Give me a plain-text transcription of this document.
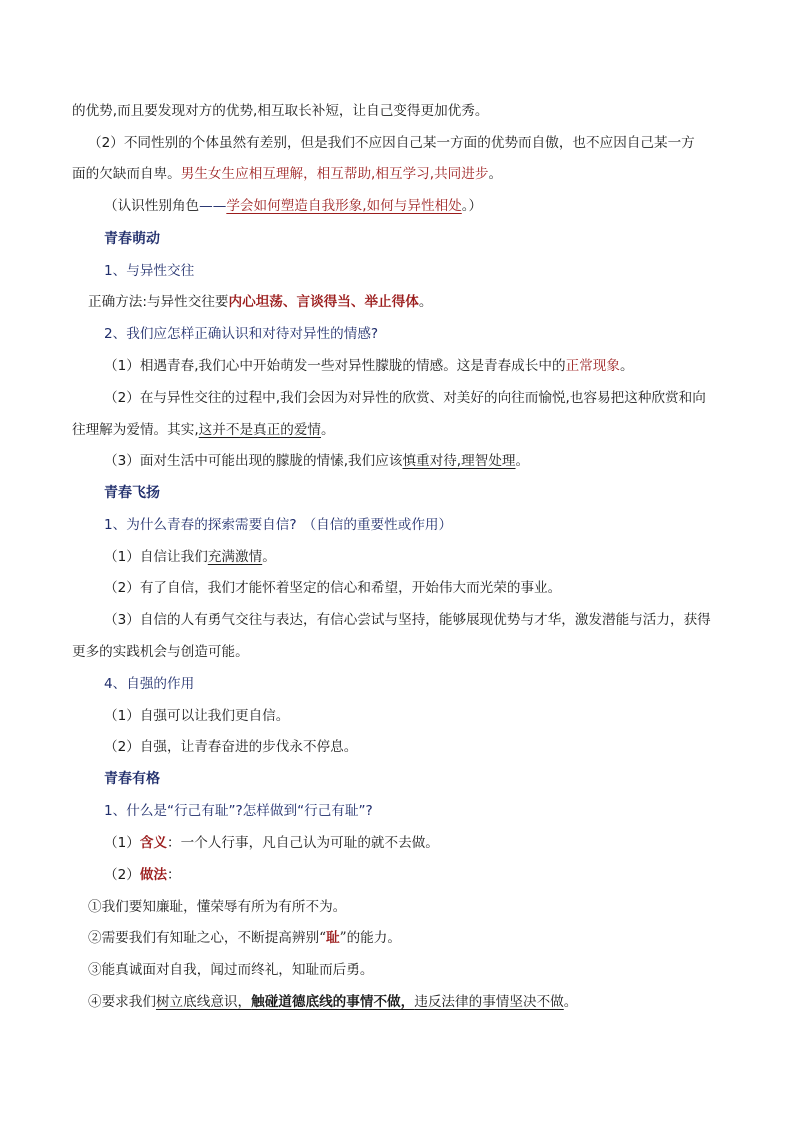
的优势,而且要发现对方的优势,相互取长补短，让自己变得更加优秀。
（2）不同性别的个体虽然有差别，但是我们不应因自己某一方面的优势而自傲，也不应因自己某一方
面的欠缺而自卑。男生女生应相互理解，相互帮助,相互学习,共同进步。
（认识性别角色——学会如何塑造自我形象,如何与异性相处。）
青春萌动
1、与异性交往
正确方法:与异性交往要内心坦荡、言谈得当、举止得体。
2、我们应怎样正确认识和对待对异性的情感?
（1）相遇青春,我们心中开始萌发一些对异性朦胧的情感。这是青春成长中的正常现象。
（2）在与异性交往的过程中,我们会因为对异性的欣赏、对美好的向往而愉悦,也容易把这种欣赏和向
往理解为爱情。其实,这并不是真正的爱情。
（3）面对生活中可能出现的朦胧的情愫,我们应该慎重对待,理智处理。
青春飞扬
1、为什么青春的探索需要自信? （自信的重要性或作用）
（1）自信让我们充满激情。
（2）有了自信，我们才能怀着坚定的信心和希望，开始伟大而光荣的事业。
（3）自信的人有勇气交往与表达，有信心尝试与坚持，能够展现优势与才华，激发潜能与活力，获得
更多的实践机会与创造可能。
4、自强的作用
（1）自强可以让我们更自信。
（2）自强，让青春奋进的步伐永不停息。
青春有格
1、什么是“行己有耻”?怎样做到“行己有耻”?
（1）含义：一个人行事，凡自己认为可耻的就不去做。
（2）做法：
①我们要知廉耻，懂荣辱有所为有所不为。
②需要我们有知耻之心，不断提高辨别“耻”的能力。
③能真诚面对自我，闻过而终礼，知耻而后勇。
④要求我们树立底线意识，触碰道德底线的事情不做，违反法律的事情坚决不做。
